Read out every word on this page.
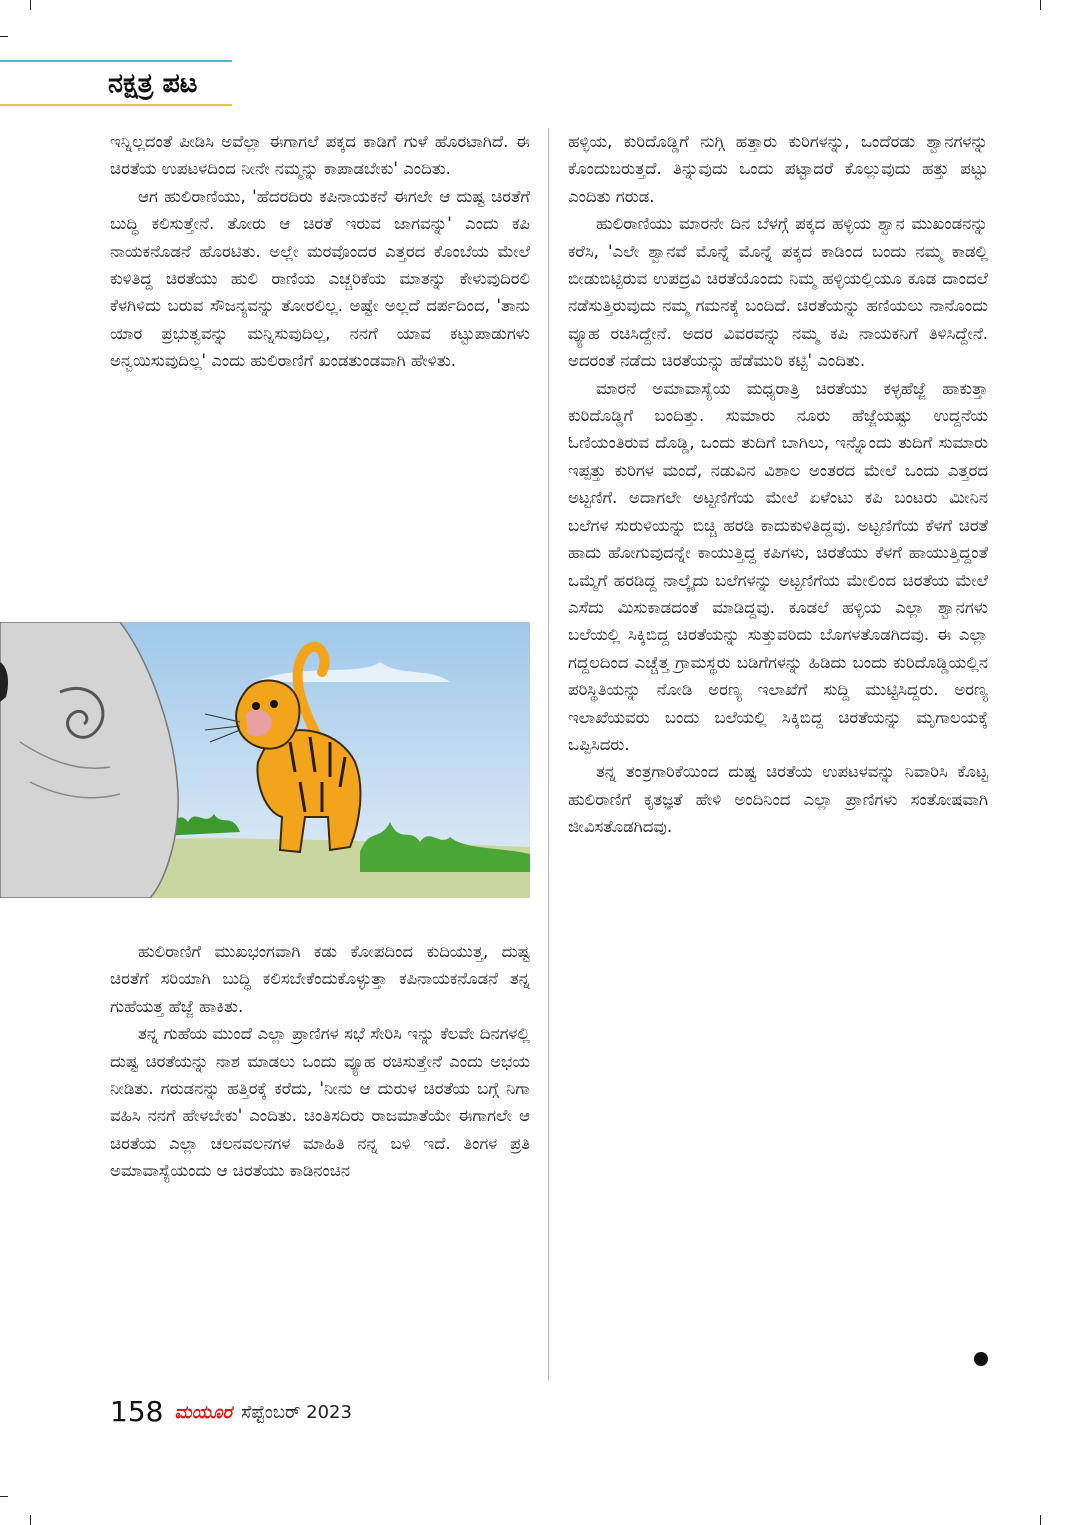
ನಕ್ಷತ್ರ ಪಟ

ಇನ್ನಿಲ್ಲದಂತೆ ಪೀಡಿಸಿ ಅವೆಲ್ಲಾ ಈಗಾಗಲೆ ಪಕ್ಕದ ಕಾಡಿಗೆ ಗುಳೆ ಹೊರಟಾಗಿದೆ. ಈ ಚಿರತೆಯ ಉಪಟಳದಿಂದ ನೀನೇ ನಮ್ಮನ್ನು ಕಾಪಾಡಬೇಕು' ಎಂದಿತು.

ಆಗ ಹುಲಿರಾಣಿಯು, 'ಹೆದರದಿರು ಕಪಿನಾಯಕನೆ ಈಗಲೇ ಆ ದುಷ್ಟ ಚಿರತೆಗೆ ಬುದ್ಧಿ ಕಲಿಸುತ್ತೇನೆ. ತೋರು ಆ ಚಿರತೆ ಇರುವ ಜಾಗವನ್ನು' ಎಂದು ಕಪಿ ನಾಯಕನೊಡನೆ ಹೊರಟಿತು. ಅಲ್ಲೇ ಮರವೊಂದರ ಎತ್ತರದ ಕೊಂಬೆಯ ಮೇಲೆ ಕುಳಿತಿದ್ದ ಚಿರತೆಯು ಹುಲಿ ರಾಣಿಯ ಎಚ್ಚರಿಕೆಯ ಮಾತನ್ನು ಕೇಳುವುದಿರಲಿ ಕೆಳಗಿಳಿದು ಬರುವ ಸೌಜನ್ಯವನ್ನು ತೋರಲಿಲ್ಲ. ಅಷ್ಟೇ ಅಲ್ಲದೆ ದರ್ಪದಿಂದ, 'ತಾನು ಯಾರ ಪ್ರಭುತ್ವವನ್ನು ಮನ್ನಿಸುವುದಿಲ್ಲ, ನನಗೆ ಯಾವ ಕಟ್ಟುಪಾಡುಗಳು ಅನ್ವಯಿಸುವುದಿಲ್ಲ' ಎಂದು ಹುಲಿರಾಣಿಗೆ ಖಂಡತುಂಡವಾಗಿ ಹೇಳಿತು.

ಹುಲಿರಾಣಿಗೆ ಮುಖಭಂಗವಾಗಿ ಕಡು ಕೋಪದಿಂದ ಕುದಿಯುತ್ತ, ದುಷ್ಟ ಚಿರತೆಗೆ ಸರಿಯಾಗಿ ಬುದ್ಧಿ ಕಲಿಸಬೇಕೆಂದುಕೊಳ್ಳುತ್ತಾ ಕಪಿನಾಯಕನೊಡನೆ ತನ್ನ ಗುಹೆಯತ್ತ ಹೆಜ್ಜೆ ಹಾಕಿತು.

ತನ್ನ ಗುಹೆಯ ಮುಂದೆ ಎಲ್ಲಾ ಪ್ರಾಣಿಗಳ ಸಭೆ ಸೇರಿಸಿ ಇನ್ನು ಕೆಲವೇ ದಿನಗಳಲ್ಲಿ ದುಷ್ಟ ಚಿರತೆಯನ್ನು ನಾಶ ಮಾಡಲು ಒಂದು ವ್ಯೂಹ ರಚಿಸುತ್ತೇನೆ ಎಂದು ಅಭಯ ನೀಡಿತು. ಗರುಡನನ್ನು ಹತ್ತಿರಕ್ಕೆ ಕರೆದು, 'ನೀನು ಆ ದುರುಳ ಚಿರತೆಯ ಬಗ್ಗೆ ನಿಗಾ ವಹಿಸಿ ನನಗೆ ಹೇಳಬೇಕು' ಎಂದಿತು. ಚಿಂತಿಸದಿರು ರಾಜಮಾತೆಯೇ ಈಗಾಗಲೇ ಆ ಚಿರತೆಯ ಎಲ್ಲಾ ಚಲನವಲನಗಳ ಮಾಹಿತಿ ನನ್ನ ಬಳಿ ಇದೆ. ತಿಂಗಳ ಪ್ರತಿ ಅಮಾವಾಸ್ಯೆಯಂದು ಆ ಚಿರತೆಯು ಕಾಡಿನಂಚಿನ

ಹಳ್ಳಿಯ, ಕುರಿದೊಡ್ಡಿಗೆ ನುಗ್ಗಿ ಹತ್ತಾರು ಕುರಿಗಳನ್ನು, ಒಂದೆರಡು ಶ್ವಾನಗಳನ್ನು ಕೊಂದುಬರುತ್ತದೆ. ತಿನ್ನುವುದು ಒಂದು ಪಟ್ಟಾದರೆ ಕೊಲ್ಲುವುದು ಹತ್ತು ಪಟ್ಟು ಎಂದಿತು ಗರುಡ.

ಹುಲಿರಾಣಿಯು ಮಾರನೇ ದಿನ ಬೆಳಗ್ಗೆ ಪಕ್ಕದ ಹಳ್ಳಿಯ ಶ್ವಾನ ಮುಖಂಡನನ್ನು ಕರೆಸಿ, 'ಎಲೇ ಶ್ವಾನವೆ ಮೊನ್ನೆ ಮೊನ್ನೆ ಪಕ್ಕದ ಕಾಡಿಂದ ಬಂದು ನಮ್ಮ ಕಾಡಲ್ಲಿ ಬೀಡುಬಿಟ್ಟಿರುವ ಉಪದ್ರವಿ ಚಿರತೆಯೊಂದು ನಿಮ್ಮ ಹಳ್ಳಿಯಲ್ಲಿಯೂ ಕೂಡ ದಾಂದಲೆ ನಡೆಸುತ್ತಿರುವುದು ನಮ್ಮ ಗಮನಕ್ಕೆ ಬಂದಿದೆ. ಚಿರತೆಯನ್ನು ಹಣಿಯಲು ನಾನೊಂದು ವ್ಯೂಹ ರಚಿಸಿದ್ದೇನೆ. ಅದರ ವಿವರವನ್ನು ನಮ್ಮ ಕಪಿ ನಾಯಕನಿಗೆ ತಿಳಿಸಿದ್ದೇನೆ. ಅದರಂತೆ ನಡೆದು ಚಿರತೆಯನ್ನು ಹೆಡೆಮುರಿ ಕಟ್ಟಿ' ಎಂದಿತು.

ಮಾರನೆ ಅಮಾವಾಸ್ಯೆಯ ಮಧ್ಯರಾತ್ರಿ ಚಿರತೆಯು ಕಳ್ಳಹೆಜ್ಜೆ ಹಾಕುತ್ತಾ ಕುರಿದೊಡ್ಡಿಗೆ ಬಂದಿತ್ತು. ಸುಮಾರು ನೂರು ಹೆಜ್ಜೆಯಷ್ಟು ಉದ್ದನೆಯ ಓಣಿಯಂತಿರುವ ದೊಡ್ಡಿ, ಒಂದು ತುದಿಗೆ ಬಾಗಿಲು, ಇನ್ನೊಂದು ತುದಿಗೆ ಸುಮಾರು ಇಪ್ಪತ್ತು ಕುರಿಗಳ ಮಂದೆ, ನಡುವಿನ ವಿಶಾಲ ಅಂತರದ ಮೇಲೆ ಒಂದು ಎತ್ತರದ ಅಟ್ಟಣಿಗೆ. ಅದಾಗಲೇ ಅಟ್ಟಣಿಗೆಯ ಮೇಲೆ ಏಳೆಂಟು ಕಪಿ ಬಂಟರು ಮೀನಿನ ಬಲೆಗಳ ಸುರುಳಿಯನ್ನು ಬಿಚ್ಚಿ ಹರಡಿ ಕಾದುಕುಳಿತಿದ್ದವು. ಅಟ್ಟಣಿಗೆಯ ಕೆಳಗೆ ಚಿರತೆ ಹಾದು ಹೋಗುವುದನ್ನೇ ಕಾಯುತ್ತಿದ್ದ ಕಪಿಗಳು, ಚಿರತೆಯು ಕೆಳಗೆ ಹಾಯುತ್ತಿದ್ದಂತೆ ಒಮ್ಮೆಗೆ ಹರಡಿದ್ದ ನಾಲ್ಕೈದು ಬಲೆಗಳನ್ನು ಅಟ್ಟಣಿಗೆಯ ಮೇಲಿಂದ ಚಿರತೆಯ ಮೇಲೆ ಎಸೆದು ಮಿಸುಕಾಡದಂತೆ ಮಾಡಿದ್ದವು. ಕೂಡಲೆ ಹಳ್ಳಿಯ ಎಲ್ಲಾ ಶ್ವಾನಗಳು ಬಲೆಯಲ್ಲಿ ಸಿಕ್ಕಿಬಿದ್ದ ಚಿರತೆಯನ್ನು ಸುತ್ತುವರಿದು ಬೊಗಳತೊಡಗಿದವು. ಈ ಎಲ್ಲಾ ಗದ್ದಲದಿಂದ ಎಚ್ಚೆತ್ತ ಗ್ರಾಮಸ್ಥರು ಬಡಿಗೆಗಳನ್ನು ಹಿಡಿದು ಬಂದು ಕುರಿದೊಡ್ಡಿಯಲ್ಲಿನ ಪರಿಸ್ಥಿತಿಯನ್ನು ನೋಡಿ ಅರಣ್ಯ ಇಲಾಖೆಗೆ ಸುದ್ದಿ ಮುಟ್ಟಿಸಿದ್ದರು. ಅರಣ್ಯ ಇಲಾಖೆಯವರು ಬಂದು ಬಲೆಯಲ್ಲಿ ಸಿಕ್ಕಿಬಿದ್ದ ಚಿರತೆಯನ್ನು ಮೃಗಾಲಯಕ್ಕೆ ಒಪ್ಪಿಸಿದರು.

ತನ್ನ ತಂತ್ರಗಾರಿಕೆಯಿಂದ ದುಷ್ಟ ಚಿರತೆಯ ಉಪಟಳವನ್ನು ನಿವಾರಿಸಿ ಕೊಟ್ಟ ಹುಲಿರಾಣಿಗೆ ಕೃತಜ್ಞತೆ ಹೇಳಿ ಅಂದಿನಿಂದ ಎಲ್ಲಾ ಪ್ರಾಣಿಗಳು ಸಂತೋಷವಾಗಿ ಜೀವಿಸತೊಡಗಿದವು.

158 ಮಯೂರ ಸೆಪ್ಟೆಂಬರ್ 2023
